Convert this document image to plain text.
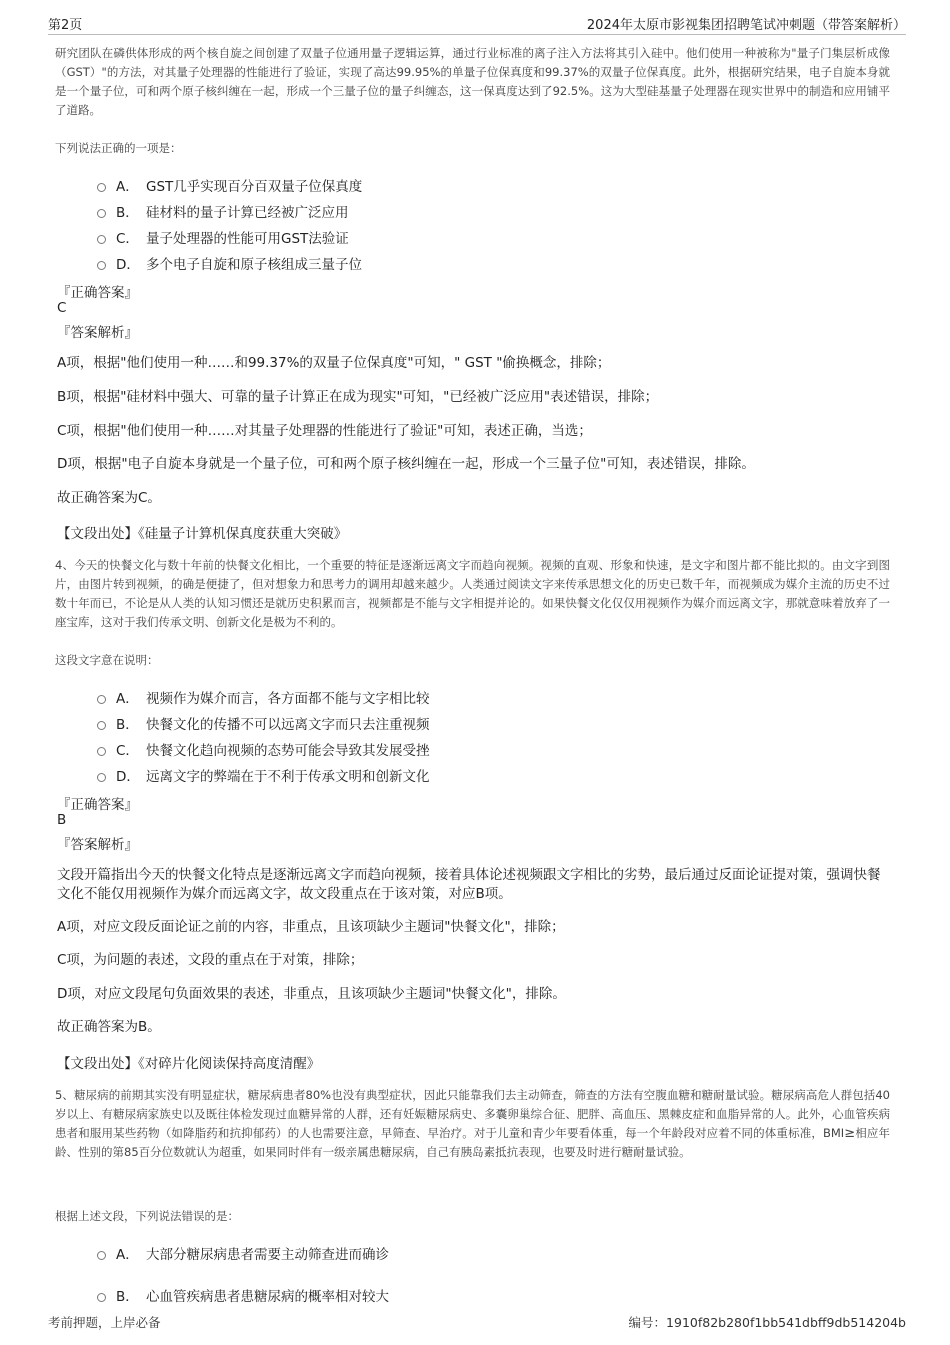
第2页	2024年太原市影视集团招聘笔试冲刺题（带答案解析）
研究团队在磷供体形成的两个核自旋之间创建了双量子位通用量子逻辑运算，通过行业标准的离子注入方法将其引入硅中。他们使用一种被称为"量子门集层析成像（GST）"的方法，对其量子处理器的性能进行了验证，实现了高达99.95%的单量子位保真度和99.37%的双量子位保真度。此外，根据研究结果，电子自旋本身就是一个量子位，可和两个原子核纠缠在一起，形成一个三量子位的量子纠缠态，这一保真度达到了92.5%。这为大型硅基量子处理器在现实世界中的制造和应用铺平了道路。
下列说法正确的一项是：
A． GST几乎实现百分百双量子位保真度
B． 硅材料的量子计算已经被广泛应用
C． 量子处理器的性能可用GST法验证
D． 多个电子自旋和原子核组成三量子位
『正确答案』
C
『答案解析』
A项，根据"他们使用一种……和99.37%的双量子位保真度"可知，" GST "偷换概念，排除；
B项，根据"硅材料中强大、可靠的量子计算正在成为现实"可知，"已经被广泛应用"表述错误，排除；
C项，根据"他们使用一种……对其量子处理器的性能进行了验证"可知，表述正确，当选；
D项，根据"电子自旋本身就是一个量子位，可和两个原子核纠缠在一起，形成一个三量子位"可知，表述错误，排除。
故正确答案为C。
【文段出处】《硅量子计算机保真度获重大突破》
4、今天的快餐文化与数十年前的快餐文化相比，一个重要的特征是逐渐远离文字而趋向视频。视频的直观、形象和快速，是文字和图片都不能比拟的。由文字到图片，由图片转到视频，的确是便捷了，但对想象力和思考力的调用却越来越少。人类通过阅读文字来传承思想文化的历史已数千年，而视频成为媒介主流的历史不过数十年而已，不论是从人类的认知习惯还是就历史积累而言，视频都是不能与文字相提并论的。如果快餐文化仅仅用视频作为媒介而远离文字，那就意味着放弃了一座宝库，这对于我们传承文明、创新文化是极为不利的。
这段文字意在说明：
A． 视频作为媒介而言，各方面都不能与文字相比较
B． 快餐文化的传播不可以远离文字而只去注重视频
C． 快餐文化趋向视频的态势可能会导致其发展受挫
D． 远离文字的弊端在于不利于传承文明和创新文化
『正确答案』
B
『答案解析』
文段开篇指出今天的快餐文化特点是逐渐远离文字而趋向视频，接着具体论述视频跟文字相比的劣势，最后通过反面论证提对策，强调快餐文化不能仅用视频作为媒介而远离文字，故文段重点在于该对策，对应B项。
A项，对应文段反面论证之前的内容，非重点，且该项缺少主题词"快餐文化"，排除；
C项，为问题的表述，文段的重点在于对策，排除；
D项，对应文段尾句负面效果的表述，非重点，且该项缺少主题词"快餐文化"，排除。
故正确答案为B。
【文段出处】《对碎片化阅读保持高度清醒》
5、糖尿病的前期其实没有明显症状，糖尿病患者80%也没有典型症状，因此只能靠我们去主动筛查，筛查的方法有空腹血糖和糖耐量试验。糖尿病高危人群包括40岁以上、有糖尿病家族史以及既往体检发现过血糖异常的人群，还有妊娠糖尿病史、多囊卵巢综合征、肥胖、高血压、黑棘皮症和血脂异常的人。此外，心血管疾病患者和服用某些药物（如降脂药和抗抑郁药）的人也需要注意，早筛查、早治疗。对于儿童和青少年要看体重，每一个年龄段对应着不同的体重标准，BMI≥相应年龄、性别的第85百分位数就认为超重，如果同时伴有一级亲属患糖尿病，自己有胰岛素抵抗表现，也要及时进行糖耐量试验。
根据上述文段，下列说法错误的是：
A． 大部分糖尿病患者需要主动筛查进而确诊
B． 心血管疾病患者患糖尿病的概率相对较大
考前押题，上岸必备	编号：1910f82b280f1bb541dbff9db514204b
